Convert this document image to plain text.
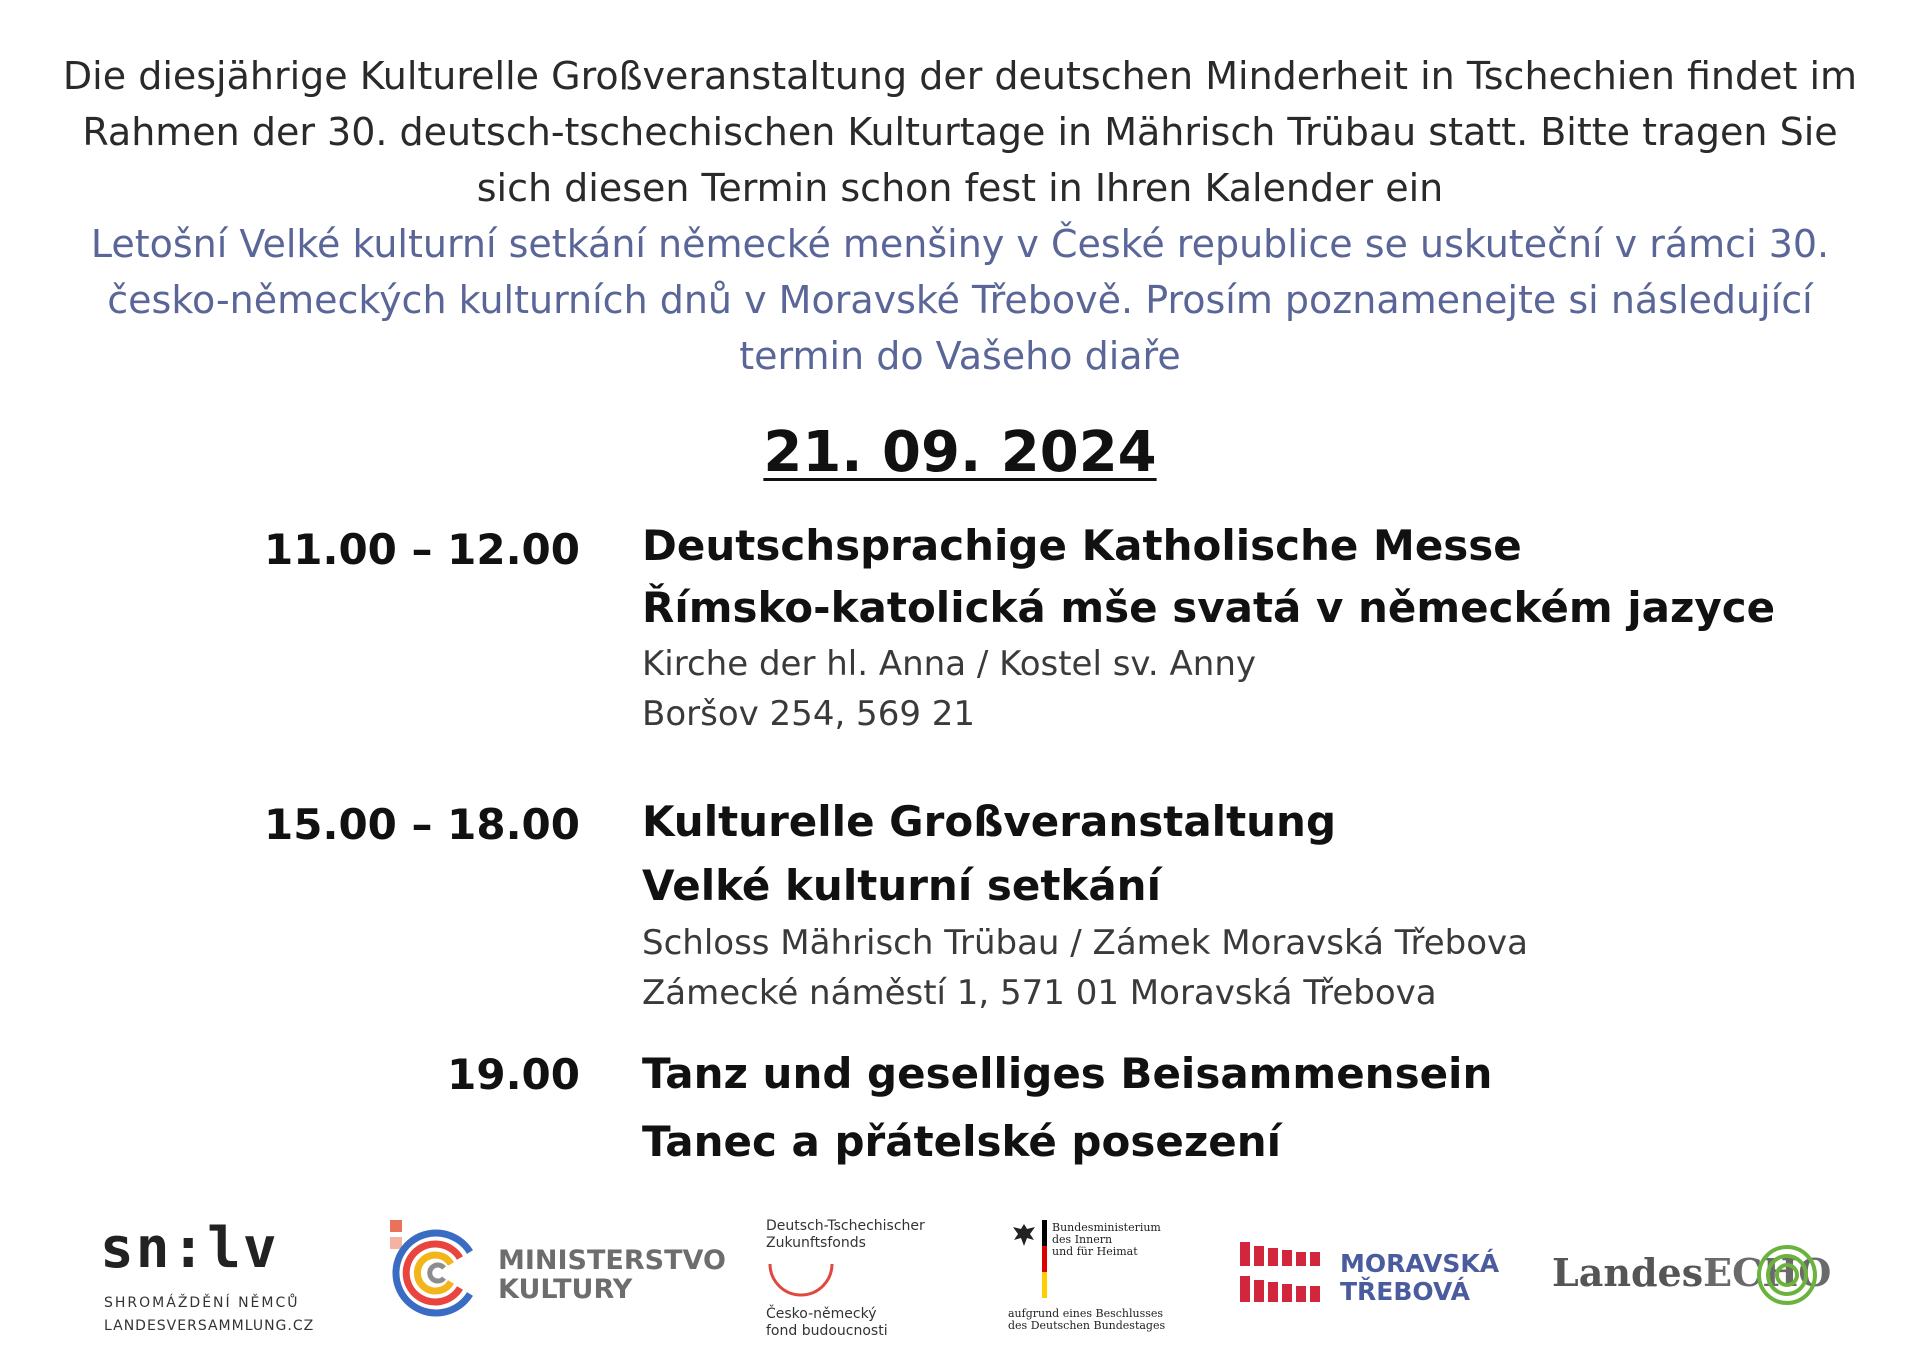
Die diesjährige Kulturelle Großveranstaltung der deutschen Minderheit in Tschechien findet im Rahmen der 30. deutsch-tschechischen Kulturtage in Mährisch Trübau statt. Bitte tragen Sie sich diesen Termin schon fest in Ihren Kalender ein
Letošní Velké kulturní setkání německé menšiny v České republice se uskuteční v rámci 30. česko-německých kulturních dnů v Moravské Třebově. Prosím poznamenejte si následující termin do Vašeho diaře
21. 09. 2024
11.00 – 12.00 Deutschsprachige Katholische Messe
Římsko-katolická mše svatá v německém jazyce
Kirche der hl. Anna / Kostel sv. Anny
Boršov 254, 569 21
15.00 – 18.00 Kulturelle Großveranstaltung
Velké kulturní setkání
Schloss Mährisch Trübau / Zámek Moravská Třebova
Zámecké náměstí 1, 571 01 Moravská Třebova
19.00 Tanz und geselliges Beisammensein
Tanec a přátelské posezení
sn:lv
SHROMÁŽDĚNÍ NĚMCŮ
LANDESVERSAMMLUNG.CZ
MINISTERSTVO
KULTURY
Deutsch-Tschechischer
Zukunftsfonds
Česko-německý
fond budoucnosti
Bundesministerium
des Innern
und für Heimat
aufgrund eines Beschlusses
des Deutschen Bundestages
MORAVSKÁ
TŘEBOVÁ	LandesECHO
